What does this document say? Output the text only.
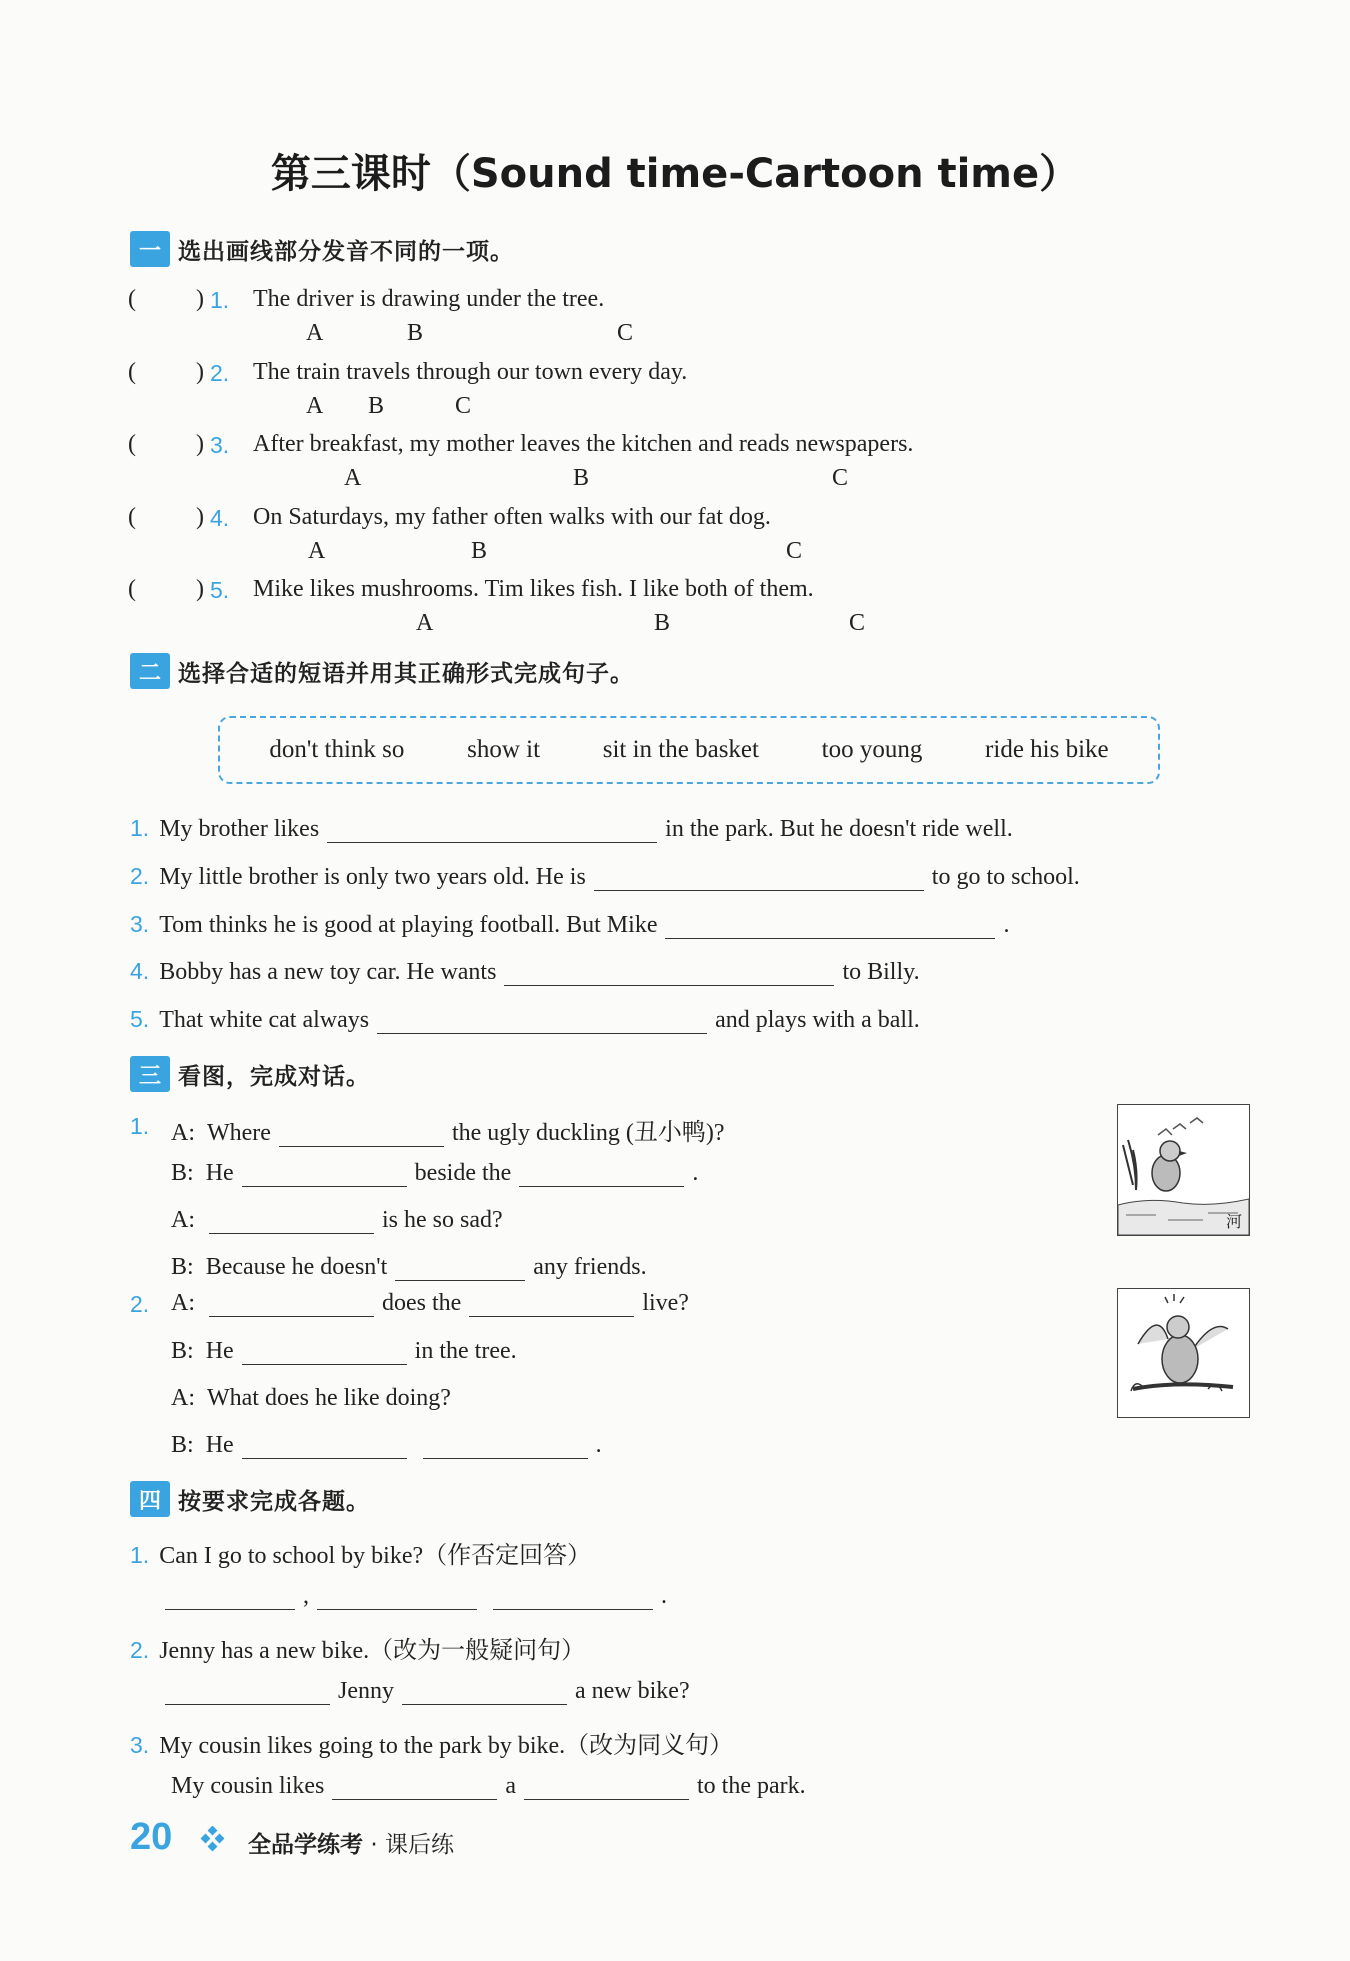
第三课时（Sound time-Cartoon time）
一 选出画线部分发音不同的一项。
(	) 1. The driver is drawing under the tree.
A	B	C
(	) 2. The train travels through our town every day.
A B	C
(	) 3. After breakfast, my mother leaves the kitchen and reads newspapers.
A	B	C
(	) 4. On Saturdays, my father often walks with our fat dog.
A	B	C
(	) 5. Mike likes mushrooms. Tim likes fish. I like both of them.
A	B	C
二 选择合适的短语并用其正确形式完成句子。
don't think so	show it	sit in the basket	too young	ride his bike
1. My brother likes	in the park. But he doesn't ride well.
2. My little brother is only two years old. He is	to go to school.
3. Tom thinks he is good at playing football. But Mike	.
4. Bobby has a new toy car. He wants	to Billy.
5. That white cat always	and plays with a ball.
三 看图，完成对话。
1. A: Where	the ugly duckling (丑小鸭)?
B: He	beside the	.
A:	is he so sad?
B: Because he doesn't	any friends.
2. A:	does the	live?
B: He	in the tree.
A: What does he like doing?
B: He	.
河
四 按要求完成各题。
1. Can I go to school by bike?（作否定回答）
,	.
2. Jenny has a new bike.（改为一般疑问句）
Jenny	a new bike?
3. My cousin likes going to the park by bike.（改为同义句）
My cousin likes	a	to the park.
20	全品学练考 · 课后练
